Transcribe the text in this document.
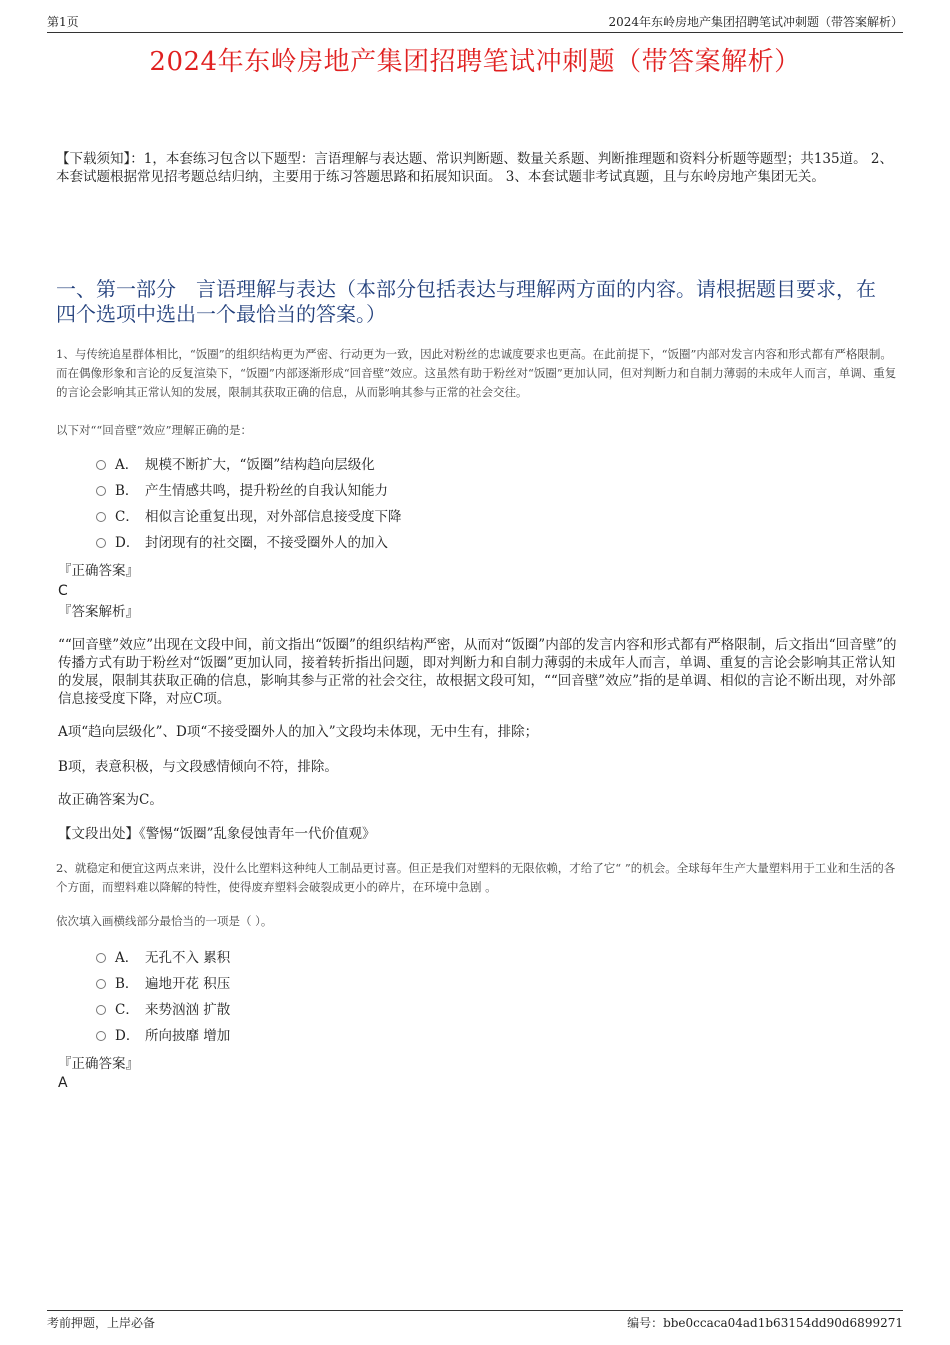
第1页	2024年东岭房地产集团招聘笔试冲刺题（带答案解析）
2024年东岭房地产集团招聘笔试冲刺题（带答案解析）
【下载须知】：1，本套练习包含以下题型：言语理解与表达题、常识判断题、数量关系题、判断推理题和资料分析题等题型；共135道。 2、本套试题根据常见招考题总结归纳，主要用于练习答题思路和拓展知识面。 3、本套试题非考试真题，且与东岭房地产集团无关。
一、第一部分　言语理解与表达（本部分包括表达与理解两方面的内容。请根据题目要求，在四个选项中选出一个最恰当的答案。）
1、与传统追星群体相比，“饭圈”的组织结构更为严密、行动更为一致，因此对粉丝的忠诚度要求也更高。在此前提下，“饭圈”内部对发言内容和形式都有严格限制。而在偶像形象和言论的反复渲染下，“饭圈”内部逐渐形成“回音壁”效应。这虽然有助于粉丝对“饭圈”更加认同，但对判断力和自制力薄弱的未成年人而言，单调、重复的言论会影响其正常认知的发展，限制其获取正确的信息，从而影响其参与正常的社会交往。
以下对““回音壁”效应”理解正确的是：
A． 规模不断扩大，“饭圈”结构趋向层级化
B． 产生情感共鸣，提升粉丝的自我认知能力
C． 相似言论重复出现，对外部信息接受度下降
D． 封闭现有的社交圈，不接受圈外人的加入
『正确答案』
C
『答案解析』
““回音壁”效应”出现在文段中间，前文指出“饭圈”的组织结构严密，从而对“饭圈”内部的发言内容和形式都有严格限制，后文指出“回音壁”的传播方式有助于粉丝对“饭圈”更加认同，接着转折指出问题，即对判断力和自制力薄弱的未成年人而言，单调、重复的言论会影响其正常认知的发展，限制其获取正确的信息，影响其参与正常的社会交往，故根据文段可知，““回音壁”效应”指的是单调、相似的言论不断出现，对外部信息接受度下降，对应C项。
A项“趋向层级化”、D项“不接受圈外人的加入”文段均未体现，无中生有，排除；
B项，表意积极，与文段感情倾向不符，排除。
故正确答案为C。
【文段出处】《警惕“饭圈”乱象侵蚀青年一代价值观》
2、就稳定和便宜这两点来讲，没什么比塑料这种纯人工制品更讨喜。但正是我们对塑料的无限依赖，才给了它“ ”的机会。全球每年生产大量塑料用于工业和生活的各个方面，而塑料难以降解的特性，使得废弃塑料会破裂成更小的碎片，在环境中急剧 。
依次填入画横线部分最恰当的一项是（ ）。
A． 无孔不入 累积
B． 遍地开花 积压
C． 来势汹汹 扩散
D． 所向披靡 增加
『正确答案』
A
考前押题，上岸必备	编号：bbe0ccaca04ad1b63154dd90d6899271
